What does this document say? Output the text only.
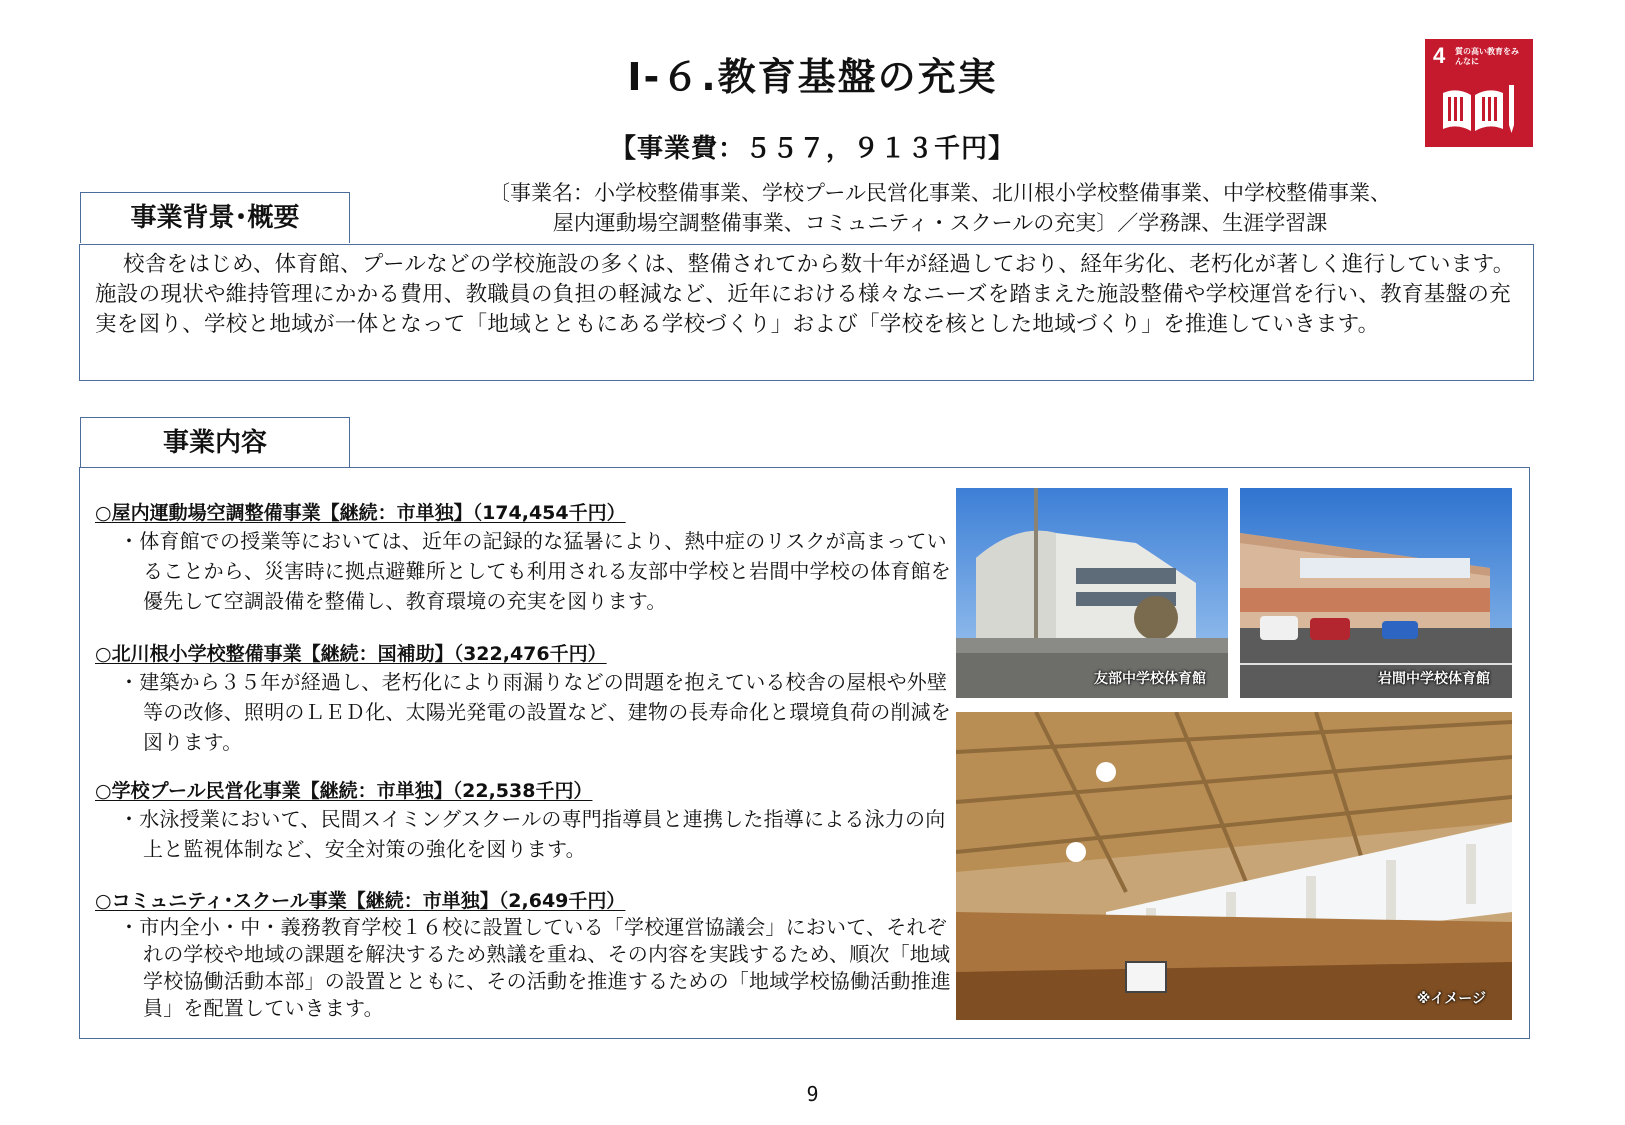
Ⅰ-６.教育基盤の充実
【事業費：５５７，９１３千円】
4 質の高い教育をみんなに
事業背景･概要
〔事業名：小学校整備事業、学校プール民営化事業、北川根小学校整備事業、中学校整備事業、
屋内運動場空調整備事業、コミュニティ・スクールの充実〕／学務課、生涯学習課
校舎をはじめ、体育館、プールなどの学校施設の多くは、整備されてから数十年が経過しており、経年劣化、老朽化が著しく進行しています。施設の現状や維持管理にかかる費用、教職員の負担の軽減など、近年における様々なニーズを踏まえた施設整備や学校運営を行い、教育基盤の充実を図り、学校と地域が一体となって「地域とともにある学校づくり」および「学校を核とした地域づくり」を推進していきます。
事業内容
○屋内運動場空調整備事業【継続：市単独】（174,454千円）
・体育館での授業等においては、近年の記録的な猛暑により、熱中症のリスクが高まっていることから、災害時に拠点避難所としても利用される友部中学校と岩間中学校の体育館を優先して空調設備を整備し、教育環境の充実を図ります。
○北川根小学校整備事業【継続：国補助】（322,476千円）
・建築から３５年が経過し、老朽化により雨漏りなどの問題を抱えている校舎の屋根や外壁等の改修、照明のＬＥＤ化、太陽光発電の設置など、建物の長寿命化と環境負荷の削減を図ります。
○学校プール民営化事業【継続：市単独】（22,538千円）
・水泳授業において、民間スイミングスクールの専門指導員と連携した指導による泳力の向上と監視体制など、安全対策の強化を図ります。
○コミュニティ･スクール事業【継続：市単独】（2,649千円）
・市内全小・中・義務教育学校１６校に設置している「学校運営協議会」において、それぞれの学校や地域の課題を解決するため熟議を重ね、その内容を実践するため、順次「地域学校協働活動本部」の設置とともに、その活動を推進するための「地域学校協働活動推進員」を配置していきます。
友部中学校体育館	岩間中学校体育館
※イメージ
9
